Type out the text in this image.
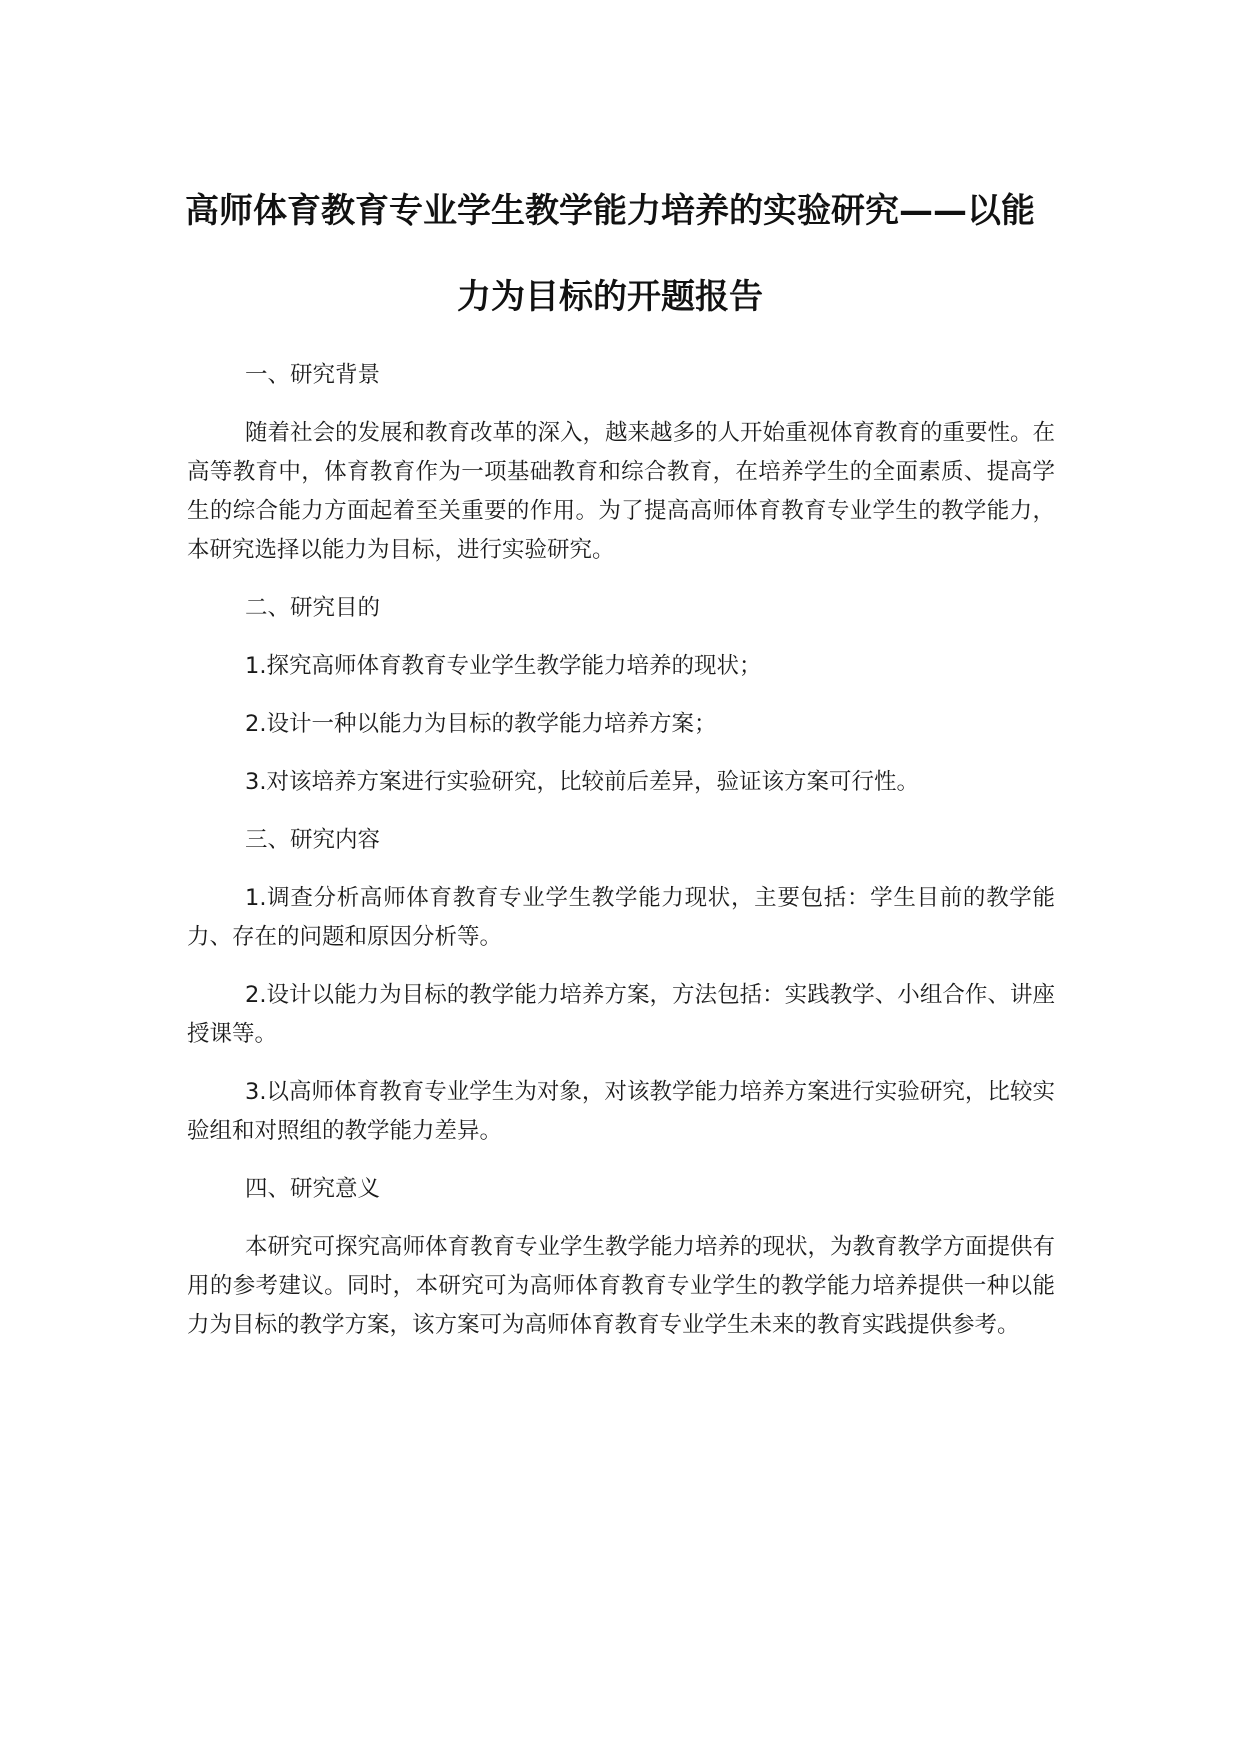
高师体育教育专业学生教学能力培养的实验研究——以能
力为目标的开题报告

一、研究背景

随着社会的发展和教育改革的深入，越来越多的人开始重视体育教育的重要性。在高等教育中，体育教育作为一项基础教育和综合教育，在培养学生的全面素质、提高学生的综合能力方面起着至关重要的作用。为了提高高师体育教育专业学生的教学能力，本研究选择以能力为目标，进行实验研究。

二、研究目的

1.探究高师体育教育专业学生教学能力培养的现状；

2.设计一种以能力为目标的教学能力培养方案；

3.对该培养方案进行实验研究，比较前后差异，验证该方案可行性。

三、研究内容

1.调查分析高师体育教育专业学生教学能力现状，主要包括：学生目前的教学能力、存在的问题和原因分析等。

2.设计以能力为目标的教学能力培养方案，方法包括：实践教学、小组合作、讲座授课等。

3.以高师体育教育专业学生为对象，对该教学能力培养方案进行实验研究，比较实验组和对照组的教学能力差异。

四、研究意义

本研究可探究高师体育教育专业学生教学能力培养的现状，为教育教学方面提供有用的参考建议。同时，本研究可为高师体育教育专业学生的教学能力培养提供一种以能力为目标的教学方案，该方案可为高师体育教育专业学生未来的教育实践提供参考。
